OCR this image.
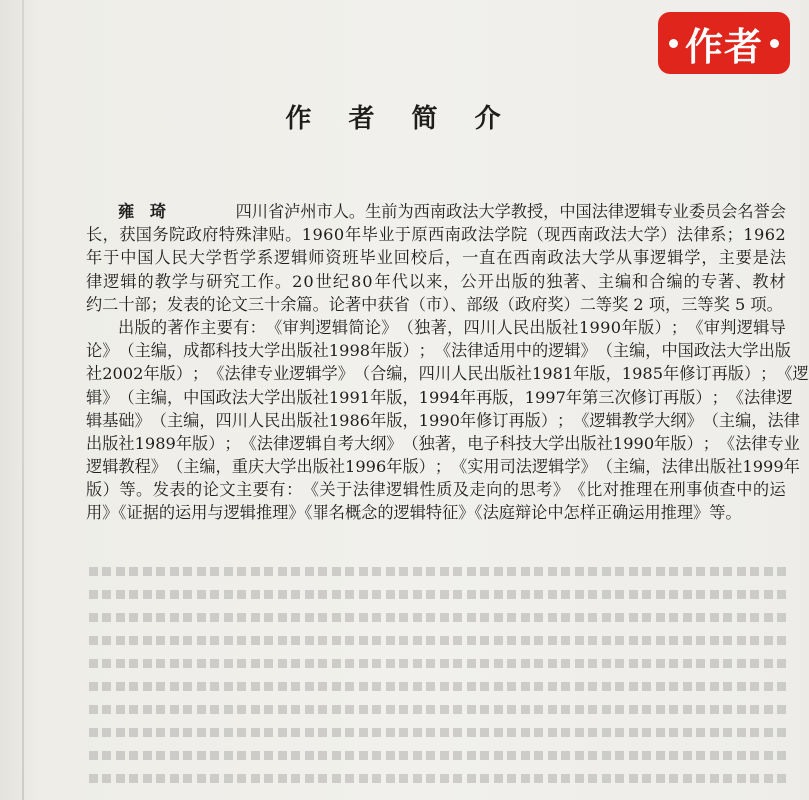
作者
作 者 简 介
雍 琦	四川省泸州市人。生前为西南政法大学教授，中国法律逻辑专业委员会名誉会
长 ， 获 国 务 院 政 府 特 殊 津 贴 。 1 9 6 0 年 毕 业 于 原 西 南 政 法 学 院 （ 现 西 南 政 法 大 学 ） 法 律 系 ； 1 9 6 2
年 于 中 国 人 民 大 学 哲 学 系 逻 辑 师 资 班 毕 业 回 校 后 ， 一 直 在 西 南 政 法 大 学 从 事 逻 辑 学 ， 主 要 是 法
律 逻 辑 的 教 学 与 研 究 工 作 。 2 0 世 纪 8 0 年 代 以 来 ， 公 开 出 版 的 独 著 、 主 编 和 合 编 的 专 著 、 教 材
约二十部；发表的论文三十余篇。论著中获省（市）、部级（政府奖）二等奖 2 项，三等奖 5 项。
出 版 的 著 作 主 要 有 ： 《 审 判 逻 辑 简 论 》 （ 独 著 ， 四 川 人 民 出 版 社 1 9 9 0 年 版 ） ； 《 审 判 逻 辑 导
论 》 （ 主 编 ， 成 都 科 技 大 学 出 版 社 1 9 9 8 年 版 ） ； 《 法 律 适 用 中 的 逻 辑 》 （ 主 编 ， 中 国 政 法 大 学 出 版
社 2 0 0 2 年 版 ） ； 《 法 律 专 业 逻 辑 学 》 （ 合 编 ， 四 川 人 民 出 版 社 1 9 8 1 年 版 ， 1 9 8 5 年 修 订 再 版 ） ； 《 逻
辑 》 （ 主 编 ， 中 国 政 法 大 学 出 版 社 1 9 9 1 年 版 ， 1 9 9 4 年 再 版 ， 1 9 9 7 年 第 三 次 修 订 再 版 ） ； 《 法 律 逻
辑 基 础 》 （ 主 编 ， 四 川 人 民 出 版 社 1 9 8 6 年 版 ， 1 9 9 0 年 修 订 再 版 ） ； 《 逻 辑 教 学 大 纲 》 （ 主 编 ， 法 律
出 版 社 1 9 8 9 年 版 ） ； 《 法 律 逻 辑 自 考 大 纲 》 （ 独 著 ， 电 子 科 技 大 学 出 版 社 1 9 9 0 年 版 ） ； 《 法 律 专 业
逻 辑 教 程 》 （ 主 编 ， 重 庆 大 学 出 版 社 1 9 9 6 年 版 ） ； 《 实 用 司 法 逻 辑 学 》 （ 主 编 ， 法 律 出 版 社 1 9 9 9 年
版 ） 等 。 发 表 的 论 文 主 要 有 ： 《 关 于 法 律 逻 辑 性 质 及 走 向 的 思 考 》 《 比 对 推 理 在 刑 事 侦 查 中 的 运
用》《证据的运用与逻辑推理》《罪名概念的逻辑特征》《法庭辩论中怎样正确运用推理》等。
